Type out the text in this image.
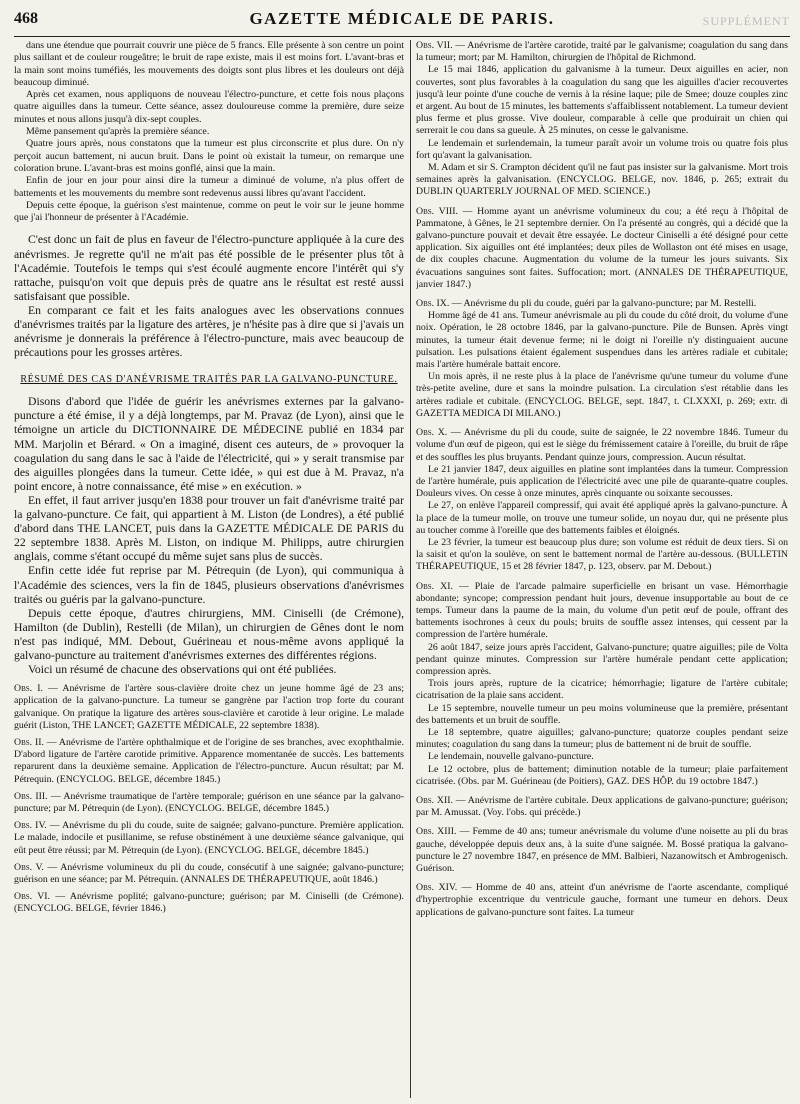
468	GAZETTE MÉDICALE DE PARIS.	SUPPLÉMENT

dans une étendue que pourrait couvrir une pièce de 5 francs. Elle présente à son centre un point plus saillant et de couleur rougeâtre; le bruit de rape existe, mais il est moins fort. L'avant-bras et la main sont moins tuméfiés, les mouvements des doigts sont plus libres et les douleurs ont déjà beaucoup diminué.

Après cet examen, nous appliquons de nouveau l'électro-puncture, et cette fois nous plaçons quatre aiguilles dans la tumeur. Cette séance, assez douloureuse comme la première, dure seize minutes et nous allons jusqu'à dix-sept couples.

Même pansement qu'après la première séance.

Quatre jours après, nous constatons que la tumeur est plus circonscrite et plus dure. On n'y perçoit aucun battement, ni aucun bruit. Dans le point où existait la tumeur, on remarque une coloration brune. L'avant-bras est moins gonflé, ainsi que la main.

Enfin de jour en jour pour ainsi dire la tumeur a diminué de volume, n'a plus offert de battements et les mouvements du membre sont redevenus aussi libres qu'avant l'accident.

Depuis cette époque, la guérison s'est maintenue, comme on peut le voir sur le jeune homme que j'ai l'honneur de présenter à l'Académie.

C'est donc un fait de plus en faveur de l'électro-puncture appliquée à la cure des anévrismes. Je regrette qu'il ne m'ait pas été possible de le présenter plus tôt à l'Académie. Toutefois le temps qui s'est écoulé augmente encore l'intérêt qui s'y rattache, puisqu'on voit que depuis près de quatre ans le résultat est resté aussi satisfaisant que possible.

En comparant ce fait et les faits analogues avec les observations connues d'anévrismes traités par la ligature des artères, je n'hésite pas à dire que si j'avais un anévrisme je donnerais la préférence à l'électro-puncture, mais avec beaucoup de précautions pour les grosses artères.

RÉSUMÉ DES CAS D'ANÉVRISME TRAITÉS PAR LA GALVANO-PUNCTURE.

Disons d'abord que l'idée de guérir les anévrismes externes par la galvano-puncture a été émise, il y a déjà longtemps, par M. Pravaz (de Lyon), ainsi que le témoigne un article du DICTIONNAIRE DE MÉDECINE publié en 1834 par MM. Marjolin et Bérard. « On a imaginé, disent ces auteurs, de » provoquer la coagulation du sang dans le sac à l'aide de l'électricité, qui » y serait transmise par des aiguilles plongées dans la tumeur. Cette idée, » qui est due à M. Pravaz, n'a point encore, à notre connaissance, été mise » en exécution. »

En effet, il faut arriver jusqu'en 1838 pour trouver un fait d'anévrisme traité par la galvano-puncture. Ce fait, qui appartient à M. Liston (de Londres), a été publié d'abord dans THE LANCET, puis dans la GAZETTE MÉDICALE DE PARIS du 22 septembre 1838. Après M. Liston, on indique M. Philipps, autre chirurgien anglais, comme s'étant occupé du même sujet sans plus de succès.

Enfin cette idée fut reprise par M. Pétrequin (de Lyon), qui communiqua à l'Académie des sciences, vers la fin de 1845, plusieurs observations d'anévrismes traités ou guéris par la galvano-puncture.

Depuis cette époque, d'autres chirurgiens, MM. Ciniselli (de Crémone), Hamilton (de Dublin), Restelli (de Milan), un chirurgien de Gênes dont le nom n'est pas indiqué, MM. Debout, Guérineau et nous-même avons appliqué la galvano-puncture au traitement d'anévrismes externes des différentes régions.

Voici un résumé de chacune des observations qui ont été publiées.

Obs. I. — Anévrisme de l'artère sous-clavière droite chez un jeune homme âgé de 23 ans; application de la galvano-puncture. La tumeur se gangrène par l'action trop forte du courant galvanique. On pratique la ligature des artères sous-clavière et carotide à leur origine. Le malade guérit (Liston, THE LANCET; GAZETTE MÉDICALE, 22 septembre 1838).

Obs. II. — Anévrisme de l'artère ophthalmique et de l'origine de ses branches, avec exophthalmie. D'abord ligature de l'artère carotide primitive. Apparence momentanée de succès. Les battements reparurent dans la deuxième semaine. Application de l'électro-puncture. Aucun résultat; par M. Pétrequin. (ENCYCLOG. BELGE, décembre 1845.)

Obs. III. — Anévrisme traumatique de l'artère temporale; guérison en une séance par la galvano-puncture; par M. Pétrequin (de Lyon). (ENCYCLOG. BELGE, décembre 1845.)

Obs. IV. — Anévrisme du pli du coude, suite de saignée; galvano-puncture. Première application. Le malade, indocile et pusillanime, se refuse obstinément à une deuxième séance galvanique, qui eût peut être réussi; par M. Pétrequin (de Lyon). (ENCYCLOG. BELGE, décembre 1845.)

Obs. V. — Anévrisme volumineux du pli du coude, consécutif à une saignée; galvano-puncture; guérison en une séance; par M. Pétrequin. (ANNALES DE THÉRAPEUTIQUE, août 1846.)

Obs. VI. — Anévrisme poplité; galvano-puncture; guérison; par M. Ciniselli (de Crémone). (ENCYCLOG. BELGE, février 1846.)

Obs. VII. — Anévrisme de l'artère carotide, traité par le galvanisme; coagulation du sang dans la tumeur; mort; par M. Hamilton, chirurgien de l'hôpital de Richmond.

Le 15 mai 1846, application du galvanisme à la tumeur. Deux aiguilles en acier, non couvertes, sont plus favorables à la coagulation du sang que les aiguilles d'acier recouvertes jusqu'à leur pointe d'une couche de vernis à la résine laque; pile de Smee; douze couples zinc et argent. Au bout de 15 minutes, les battements s'affaiblissent notablement. La tumeur devient plus ferme et plus grosse. Vive douleur, comparable à celle que produirait un chien qui serrerait le cou dans sa gueule. À 25 minutes, on cesse le galvanisme.

Le lendemain et surlendemain, la tumeur paraît avoir un volume trois ou quatre fois plus fort qu'avant la galvanisation.

M. Adam et sir S. Crampton décident qu'il ne faut pas insister sur la galvanisme. Mort trois semaines après la galvanisation. (ENCYCLOG. BELGE, nov. 1846, p. 265; extrait du DUBLIN QUARTERLY JOURNAL OF MED. SCIENCE.)

Obs. VIII. — Homme ayant un anévrisme volumineux du cou; a été reçu à l'hôpital de Pammatone, à Gênes, le 21 septembre dernier. On l'a présenté au congrès, qui a décidé que la galvano-puncture pouvait et devait être essayée. Le docteur Ciniselli a été désigné pour cette application. Six aiguilles ont été implantées; deux piles de Wollaston ont été mises en usage, de dix couples chacune. Augmentation du volume de la tumeur les jours suivants. Six évacuations sanguines sont faites. Suffocation; mort. (ANNALES DE THÉRAPEUTIQUE, janvier 1847.)

Obs. IX. — Anévrisme du pli du coude, guéri par la galvano-puncture; par M. Restelli.

Homme âgé de 41 ans. Tumeur anévrismale au pli du coude du côté droit, du volume d'une noix. Opération, le 28 octobre 1846, par la galvano-puncture. Pile de Bunsen. Après vingt minutes, la tumeur était devenue ferme; ni le doigt ni l'oreille n'y distinguaient aucune pulsation. Les pulsations étaient également suspendues dans les artères radiale et cubitale; mais l'artère humérale battait encore.

Un mois après, il ne reste plus à la place de l'anévrisme qu'une tumeur du volume d'une très-petite aveline, dure et sans la moindre pulsation. La circulation s'est rétablie dans les artères radiale et cubitale. (ENCYCLOG. BELGE, sept. 1847, t. CLXXXI, p. 269; extr. di GAZETTA MEDICA DI MILANO.)

Obs. X. — Anévrisme du pli du coude, suite de saignée, le 22 novembre 1846. Tumeur du volume d'un œuf de pigeon, qui est le siège du frémissement cataire à l'oreille, du bruit de râpe et des souffles les plus bruyants. Pendant quinze jours, compression. Aucun résultat.

Le 21 janvier 1847, deux aiguilles en platine sont implantées dans la tumeur. Compression de l'artère humérale, puis application de l'électricité avec une pile de quarante-quatre couples. Douleurs vives. On cesse à onze minutes, après cinquante ou soixante secousses.

Le 27, on enlève l'appareil compressif, qui avait été appliqué après la galvano-puncture. À la place de la tumeur molle, on trouve une tumeur solide, un noyau dur, qui ne présente plus au toucher comme à l'oreille que des battements faibles et éloignés.

Le 23 février, la tumeur est beaucoup plus dure; son volume est réduit de deux tiers. Si on la saisit et qu'on la soulève, on sent le battement normal de l'artère au-dessous. (BULLETIN THÉRAPEUTIQUE, 15 et 28 février 1847, p. 123, observ. par M. Debout.)

Obs. XI. — Plaie de l'arcade palmaire superficielle en brisant un vase. Hémorrhagie abondante; syncope; compression pendant huit jours, devenue insupportable au bout de ce temps. Tumeur dans la paume de la main, du volume d'un petit œuf de poule, offrant des battements isochrones à ceux du pouls; bruits de souffle assez intenses, qui cessent par la compression de l'artère humérale.

26 août 1847, seize jours après l'accident, Galvano-puncture; quatre aiguilles; pile de Volta pendant quinze minutes. Compression sur l'artère humérale pendant cette application; compression après.

Trois jours après, rupture de la cicatrice; hémorrhagie; ligature de l'artère cubitale; cicatrisation de la plaie sans accident.

Le 15 septembre, nouvelle tumeur un peu moins volumineuse que la première, présentant des battements et un bruit de souffle.

Le 18 septembre, quatre aiguilles; galvano-puncture; quatorze couples pendant seize minutes; coagulation du sang dans la tumeur; plus de battement ni de bruit de souffle.

Le lendemain, nouvelle galvano-puncture.

Le 12 octobre, plus de battement; diminution notable de la tumeur; plaie parfaitement cicatrisée. (Obs. par M. Guérineau (de Poitiers), GAZ. DES HÔP. du 19 octobre 1847.)

Obs. XII. — Anévrisme de l'artère cubitale. Deux applications de galvano-puncture; guérison; par M. Amussat. (Voy. l'obs. qui précède.)

Obs. XIII. — Femme de 40 ans; tumeur anévrismale du volume d'une noisette au pli du bras gauche, développée depuis deux ans, à la suite d'une saignée. M. Bossé pratiqua la galvano-puncture le 27 novembre 1847, en présence de MM. Balbieri, Nazanowitsch et Ambrogenisch. Guérison.

Obs. XIV. — Homme de 40 ans, atteint d'un anévrisme de l'aorte ascendante, compliqué d'hypertrophie excentrique du ventricule gauche, formant une tumeur en dehors. Deux applications de galvano-puncture sont faites. La tumeur
